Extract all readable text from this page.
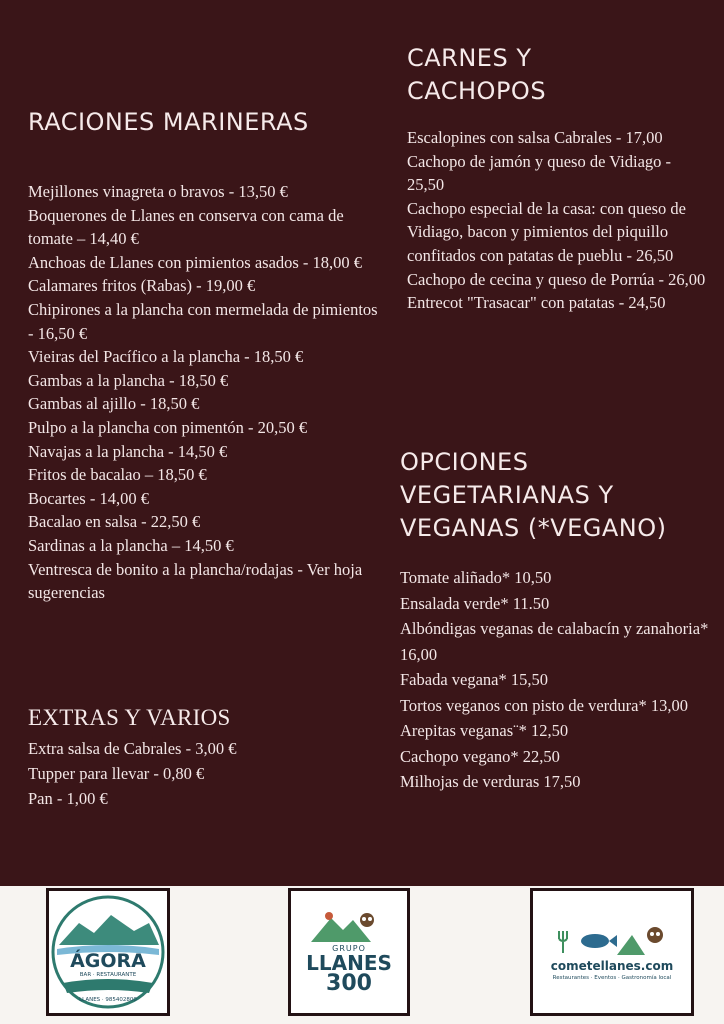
RACIONES MARINERAS
Mejillones vinagreta o bravos - 13,50 €
Boquerones de Llanes en conserva con cama de tomate – 14,40 €
Anchoas de Llanes con pimientos asados - 18,00 €
Calamares fritos (Rabas) - 19,00 €
Chipirones a la plancha con mermelada de pimientos - 16,50 €
Vieiras del Pacífico a la plancha - 18,50 €
Gambas a la plancha - 18,50 €
Gambas al ajillo - 18,50 €
Pulpo a la plancha con pimentón - 20,50 €
Navajas a la plancha - 14,50 €
Fritos de bacalao – 18,50 €
Bocartes - 14,00 €
Bacalao en salsa - 22,50 €
Sardinas a la plancha – 14,50 €
Ventresca de bonito a la plancha/rodajas - Ver hoja sugerencias
EXTRAS Y VARIOS
Extra salsa de Cabrales - 3,00 €
Tupper para llevar - 0,80 €
Pan - 1,00 €
CARNES Y
CACHOPOS
Escalopines con salsa Cabrales - 17,00
Cachopo de jamón y queso de Vidiago - 25,50
Cachopo especial de la casa: con queso de Vidiago, bacon y pimientos del piquillo confitados con patatas de pueblu - 26,50
Cachopo de cecina y queso de Porrúa - 26,00
Entrecot "Trasacar" con patatas - 24,50
OPCIONES
VEGETARIANAS Y
VEGANAS (*VEGANO)
Tomate aliñado* 10,50
Ensalada verde* 11.50
Albóndigas veganas de calabacín y zanahoria* 16,00
Fabada vegana* 15,50
Tortos veganos con pisto de verdura* 13,00
Arepitas veganas¨* 12,50
Cachopo vegano* 22,50
Milhojas de verduras 17,50
ÁGORA
BAR · RESTAURANTE
LLANES · 985402800
GRUPO
LLANES
300
cometellanes.com
Restaurantes · Eventos · Gastronomía local
